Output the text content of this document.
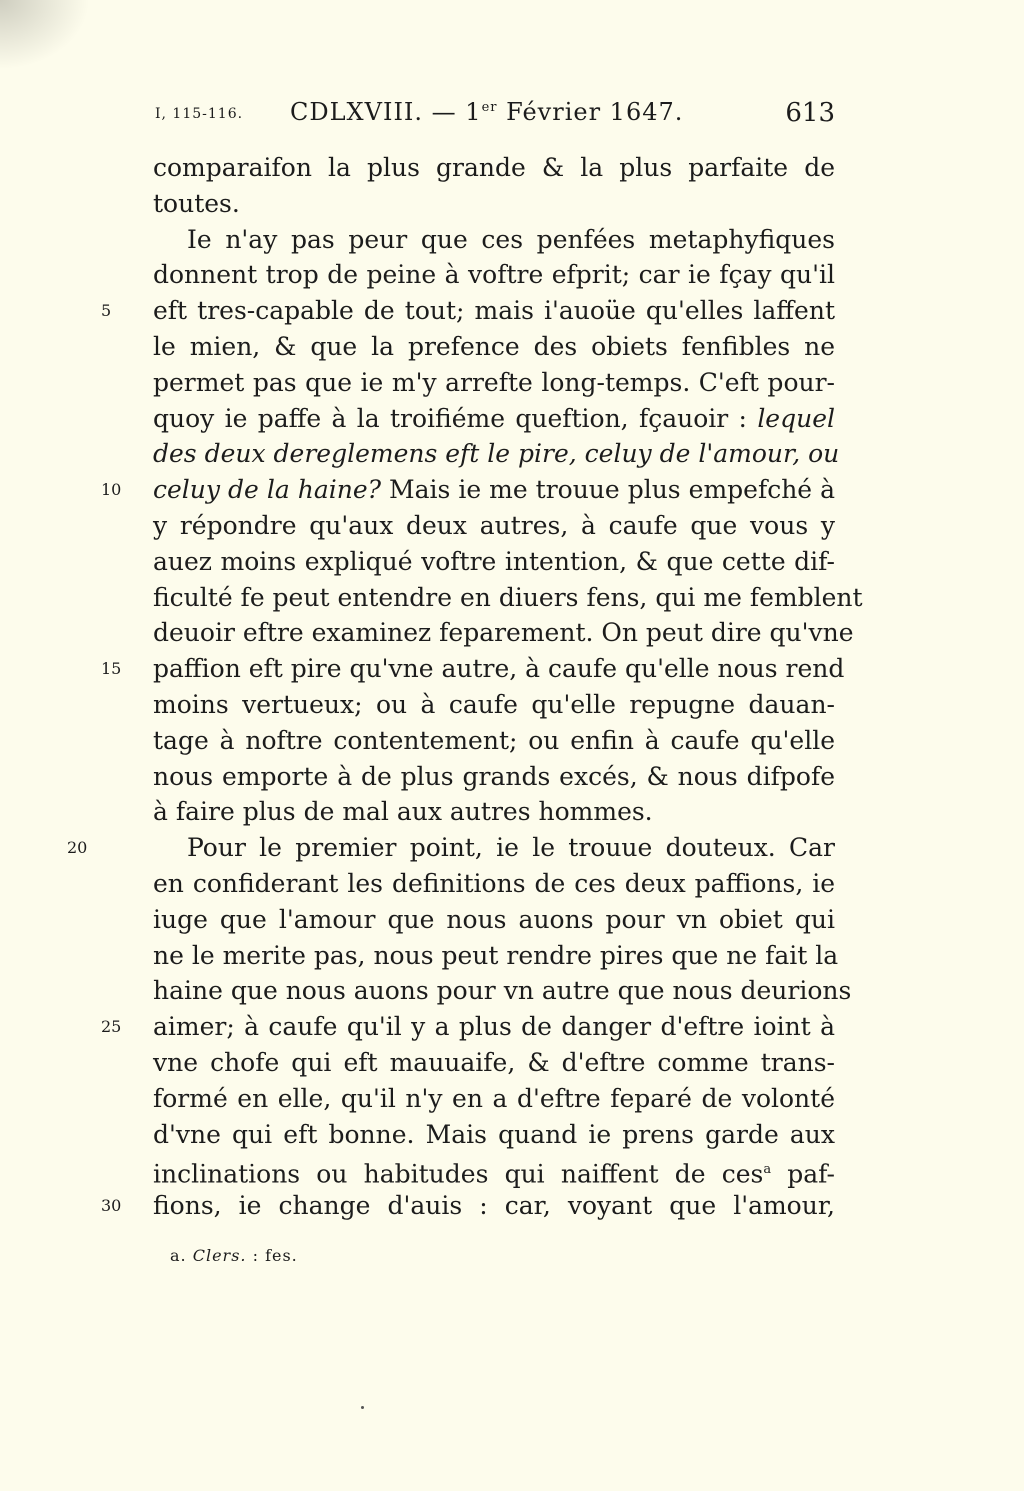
I, 115-116. CDLXVIII. — 1er Février 1647.	613
comparaifon la plus grande & la plus parfaite de
toutes.
Ie n'ay pas peur que ces penfées metaphyfiques
donnent trop de peine à voftre efprit; car ie fçay qu'il
5	eft tres-capable de tout; mais i'auoüe qu'elles laffent
le mien, & que la prefence des obiets fenfibles ne
permet pas que ie m'y arrefte long-temps. C'eft pour-
quoy ie paffe à la troifiéme queftion, fçauoir : lequel
des deux dereglemens eft le pire, celuy de l'amour, ou
10	celuy de la haine? Mais ie me trouue plus empefché à
y répondre qu'aux deux autres, à caufe que vous y
auez moins expliqué voftre intention, & que cette dif-
ficulté fe peut entendre en diuers fens, qui me femblent
deuoir eftre examinez feparement. On peut dire qu'vne
15	paffion eft pire qu'vne autre, à caufe qu'elle nous rend
moins vertueux; ou à caufe qu'elle repugne dauan-
tage à noftre contentement; ou enfin à caufe qu'elle
nous emporte à de plus grands excés, & nous difpofe
à faire plus de mal aux autres hommes.
20	Pour le premier point, ie le trouue douteux. Car
en confiderant les definitions de ces deux paffions, ie
iuge que l'amour que nous auons pour vn obiet qui
ne le merite pas, nous peut rendre pires que ne fait la
haine que nous auons pour vn autre que nous deurions
25	aimer; à caufe qu'il y a plus de danger d'eftre ioint à
vne chofe qui eft mauuaife, & d'eftre comme trans-
formé en elle, qu'il n'y en a d'eftre feparé de volonté
d'vne qui eft bonne. Mais quand ie prens garde aux
inclinations ou habitudes qui naiffent de ces$^a$ paf-
30	fions, ie change d'auis : car, voyant que l'amour,
a. Clers. : fes.
